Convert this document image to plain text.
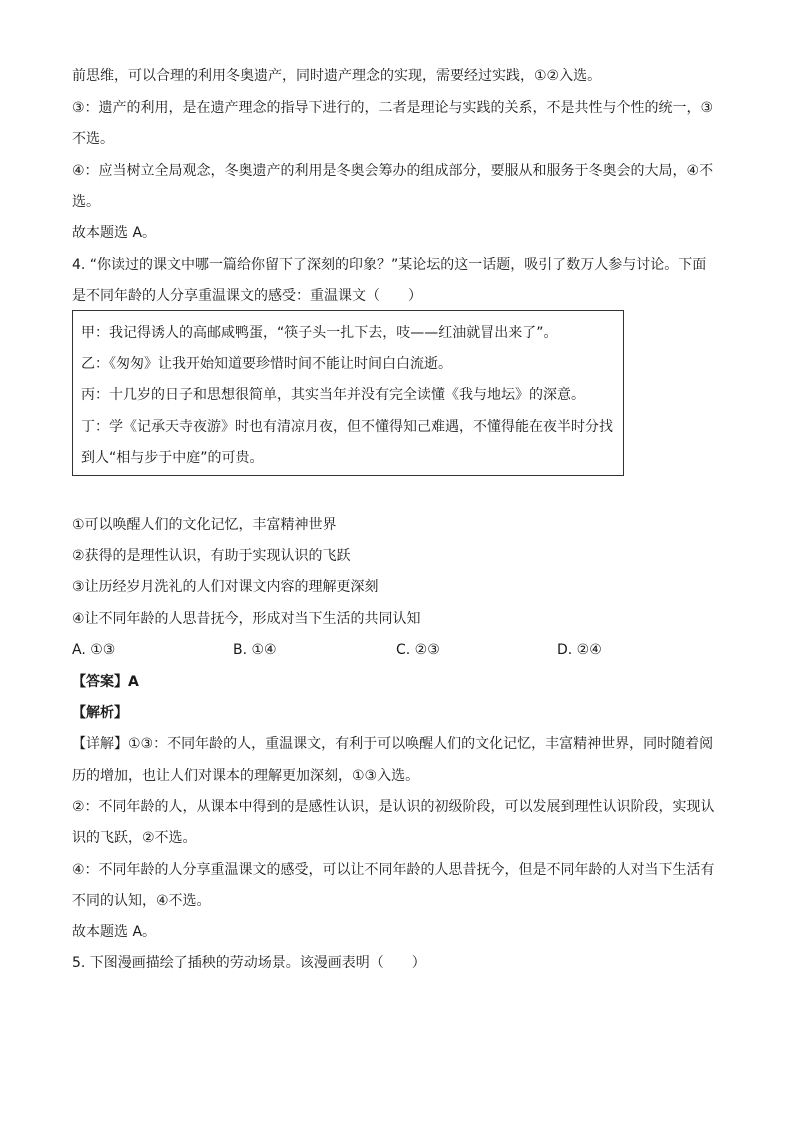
前思维，可以合理的利用冬奥遗产，同时遗产理念的实现，需要经过实践，①②入选。
③：遗产的利用，是在遗产理念的指导下进行的，二者是理论与实践的关系，不是共性与个性的统一，③
不选。
④：应当树立全局观念，冬奥遗产的利用是冬奥会筹办的组成部分，要服从和服务于冬奥会的大局，④不
选。
故本题选 A。
4. “你读过的课文中哪一篇给你留下了深刻的印象？”某论坛的这一话题，吸引了数万人参与讨论。下面
是不同年龄的人分享重温课文的感受：重温课文（　　）
甲：我记得诱人的高邮咸鸭蛋，“筷子头一扎下去，吱——红油就冒出来了”。
乙：《匆匆》让我开始知道要珍惜时间不能让时间白白流逝。
丙：十几岁的日子和思想很简单，其实当年并没有完全读懂《我与地坛》的深意。
丁：学《记承天寺夜游》时也有清凉月夜，但不懂得知己难遇，不懂得能在夜半时分找
到人“相与步于中庭”的可贵。
①可以唤醒人们的文化记忆，丰富精神世界
②获得的是理性认识，有助于实现认识的飞跃
③让历经岁月洗礼的人们对课文内容的理解更深刻
④让不同年龄的人思昔抚今，形成对当下生活的共同认知
A. ①③	B. ①④	C. ②③	D. ②④
【答案】A
【解析】
【详解】①③：不同年龄的人，重温课文，有利于可以唤醒人们的文化记忆，丰富精神世界，同时随着阅
历的增加，也让人们对课本的理解更加深刻，①③入选。
②：不同年龄的人，从课本中得到的是感性认识，是认识的初级阶段，可以发展到理性认识阶段，实现认
识的飞跃，②不选。
④：不同年龄的人分享重温课文的感受，可以让不同年龄的人思昔抚今，但是不同年龄的人对当下生活有
不同的认知，④不选。
故本题选 A。
5. 下图漫画描绘了插秧的劳动场景。该漫画表明（　　）
